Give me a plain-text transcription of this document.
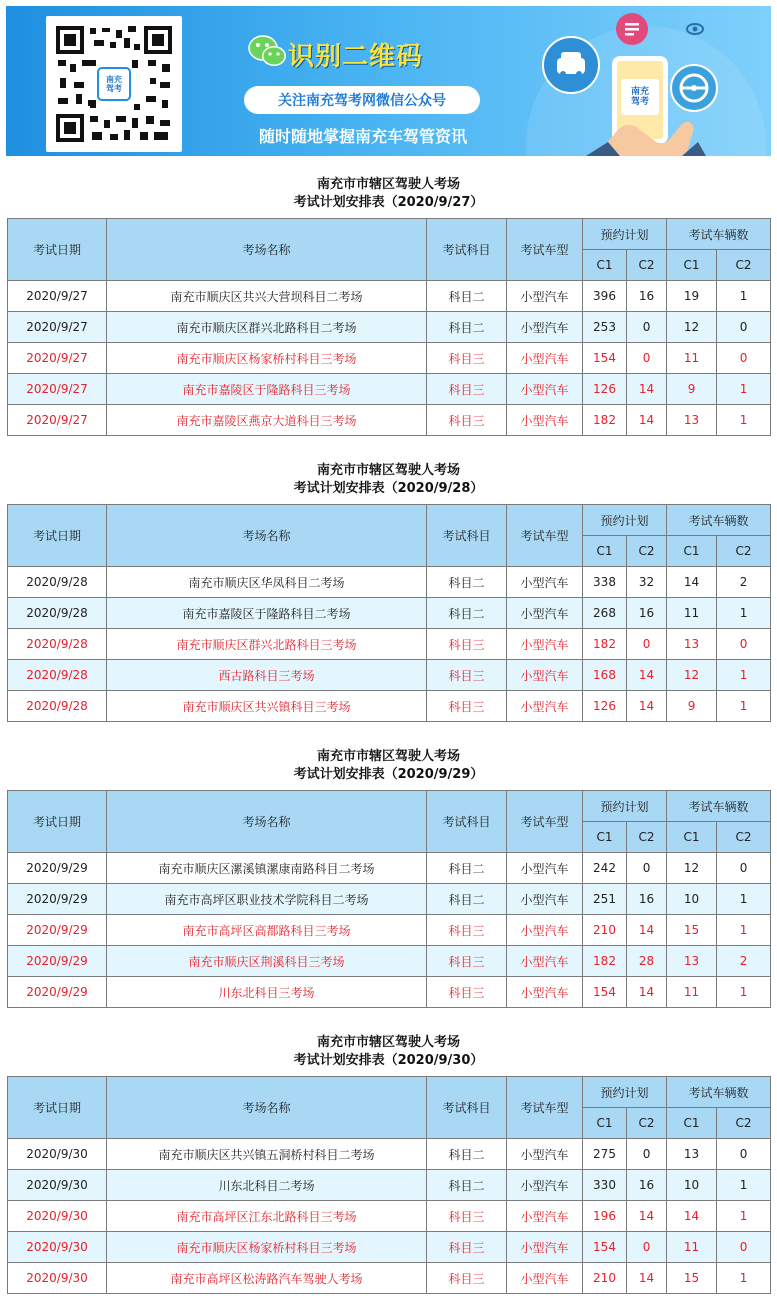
南充
驾考
识别二维码
关注南充驾考网微信公众号
随时随地掌握南充车驾管资讯
南充
驾考
南充市市辖区驾驶人考场
考试计划安排表（2020/9/27）
考试日期	考场名称	考试科目	考试车型	预约计划		考试车辆数	
				C1	C2	C1	C2
2020/9/27	南充市顺庆区共兴大营坝科目二考场	科目二	小型汽车	396	16	19	1
2020/9/27	南充市顺庆区群兴北路科目二考场	科目二	小型汽车	253	0	12	0
2020/9/27	南充市顺庆区杨家桥村科目三考场	科目三	小型汽车	154	0	11	0
2020/9/27	南充市嘉陵区于隆路科目三考场	科目三	小型汽车	126	14	9	1
2020/9/27	南充市嘉陵区燕京大道科目三考场	科目三	小型汽车	182	14	13	1
南充市市辖区驾驶人考场
考试计划安排表（2020/9/28）
考试日期	考场名称	考试科目	考试车型	预约计划		考试车辆数	
				C1	C2	C1	C2
2020/9/28	南充市顺庆区华凤科目二考场	科目二	小型汽车	338	32	14	2
2020/9/28	南充市嘉陵区于隆路科目二考场	科目二	小型汽车	268	16	11	1
2020/9/28	南充市顺庆区群兴北路科目三考场	科目三	小型汽车	182	0	13	0
2020/9/28	西古路科目三考场	科目三	小型汽车	168	14	12	1
2020/9/28	南充市顺庆区共兴镇科目三考场	科目三	小型汽车	126	14	9	1
南充市市辖区驾驶人考场
考试计划安排表（2020/9/29）
考试日期	考场名称	考试科目	考试车型	预约计划		考试车辆数	
				C1	C2	C1	C2
2020/9/29	南充市顺庆区漯溪镇漯康南路科目二考场	科目二	小型汽车	242	0	12	0
2020/9/29	南充市高坪区职业技术学院科目二考场	科目二	小型汽车	251	16	10	1
2020/9/29	南充市高坪区高都路科目三考场	科目三	小型汽车	210	14	15	1
2020/9/29	南充市顺庆区荆溪科目三考场	科目三	小型汽车	182	28	13	2
2020/9/29	川东北科目三考场	科目三	小型汽车	154	14	11	1
南充市市辖区驾驶人考场
考试计划安排表（2020/9/30）
考试日期	考场名称	考试科目	考试车型	预约计划		考试车辆数	
				C1	C2	C1	C2
2020/9/30	南充市顺庆区共兴镇五洞桥村科目二考场	科目二	小型汽车	275	0	13	0
2020/9/30	川东北科目二考场	科目二	小型汽车	330	16	10	1
2020/9/30	南充市高坪区江东北路科目三考场	科目三	小型汽车	196	14	14	1
2020/9/30	南充市顺庆区杨家桥村科目三考场	科目三	小型汽车	154	0	11	0
2020/9/30	南充市高坪区松涛路汽车驾驶人考场	科目三	小型汽车	210	14	15	1
